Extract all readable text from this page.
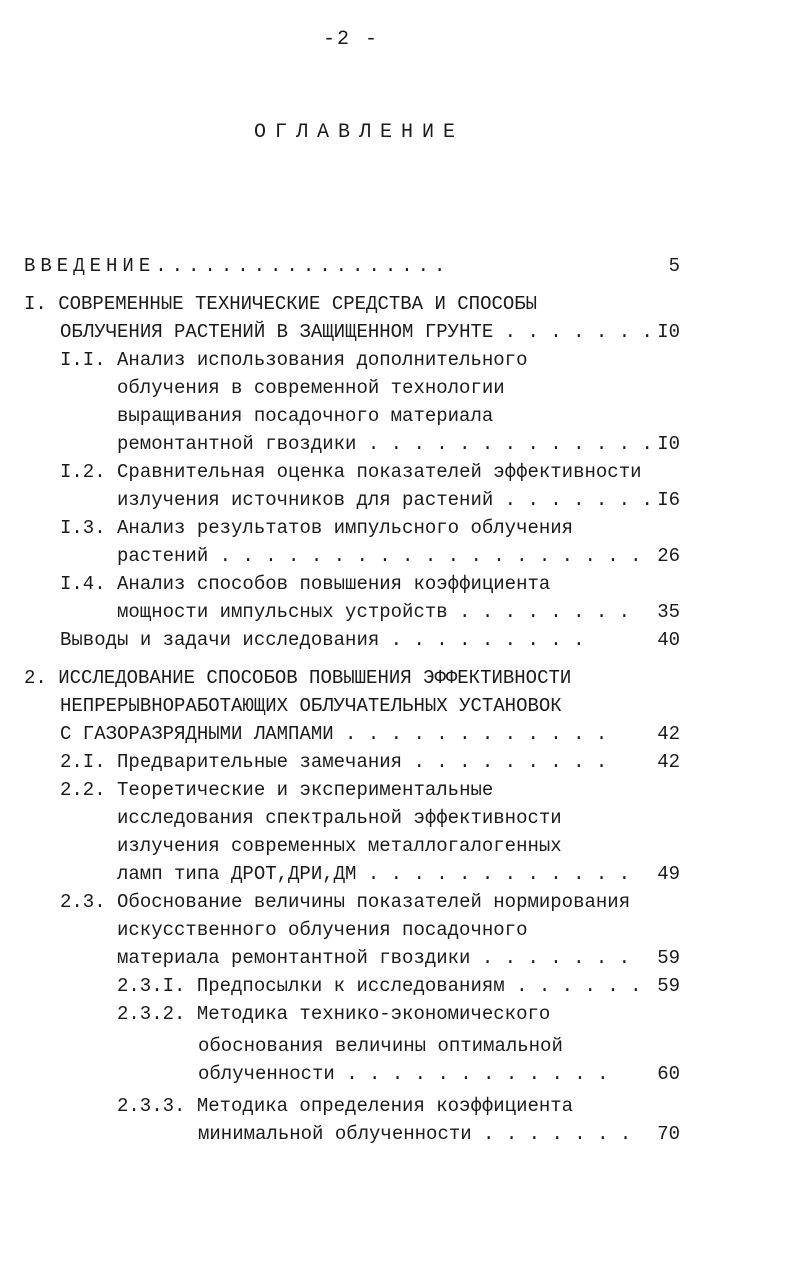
-2 -
ОГЛАВЛЕНИЕ
ВВЕДЕНИЕ..................	5
I. СОВРЕМЕННЫЕ ТЕХНИЧЕСКИЕ СРЕДСТВА И СПОСОБЫ
ОБЛУЧЕНИЯ РАСТЕНИЙ В ЗАЩИЩЕННОМ ГРУНТЕ . . . . . . . I0
I.I. Анализ использования дополнительного
облучения в современной технологии
выращивания посадочного материала
ремонтантной гвоздики . . . . . . . . . . . . . I0
I.2. Сравнительная оценка показателей эффективности
излучения источников для растений . . . . . . . I6
I.3. Анализ результатов импульсного облучения
растений . . . . . . . . . . . . . . . . . . . 26
I.4. Анализ способов повышения коэффициента
мощности импульсных устройств . . . . . . . .	35
Выводы и задачи исследования . . . . . . . . .	40
2. ИССЛЕДОВАНИЕ СПОСОБОВ ПОВЫШЕНИЯ ЭФФЕКТИВНОСТИ
НЕПРЕРЫВНОРАБОТАЮЩИХ ОБЛУЧАТЕЛЬНЫХ УСТАНОВОК
С ГАЗОРАЗРЯДНЫМИ ЛАМПАМИ . . . . . . . . . . . .	42
2.I. Предварительные замечания . . . . . . . . .	42
2.2. Теоретические и экспериментальные
исследования спектральной эффективности
излучения современных металлогалогенных
ламп типа ДРОТ,ДРИ,ДМ . . . . . . . . . . . .	49
2.3. Обоснование величины показателей нормирования
искусственного облучения посадочного
материала ремонтантной гвоздики . . . . . . .	59
2.3.I. Предпосылки к исследованиям . . . . . . 59
2.3.2. Методика технико-экономического
обоснования величины оптимальной
облученности . . . . . . . . . . . .	60
2.3.3. Методика определения коэффициента
минимальной облученности . . . . . . .	70
